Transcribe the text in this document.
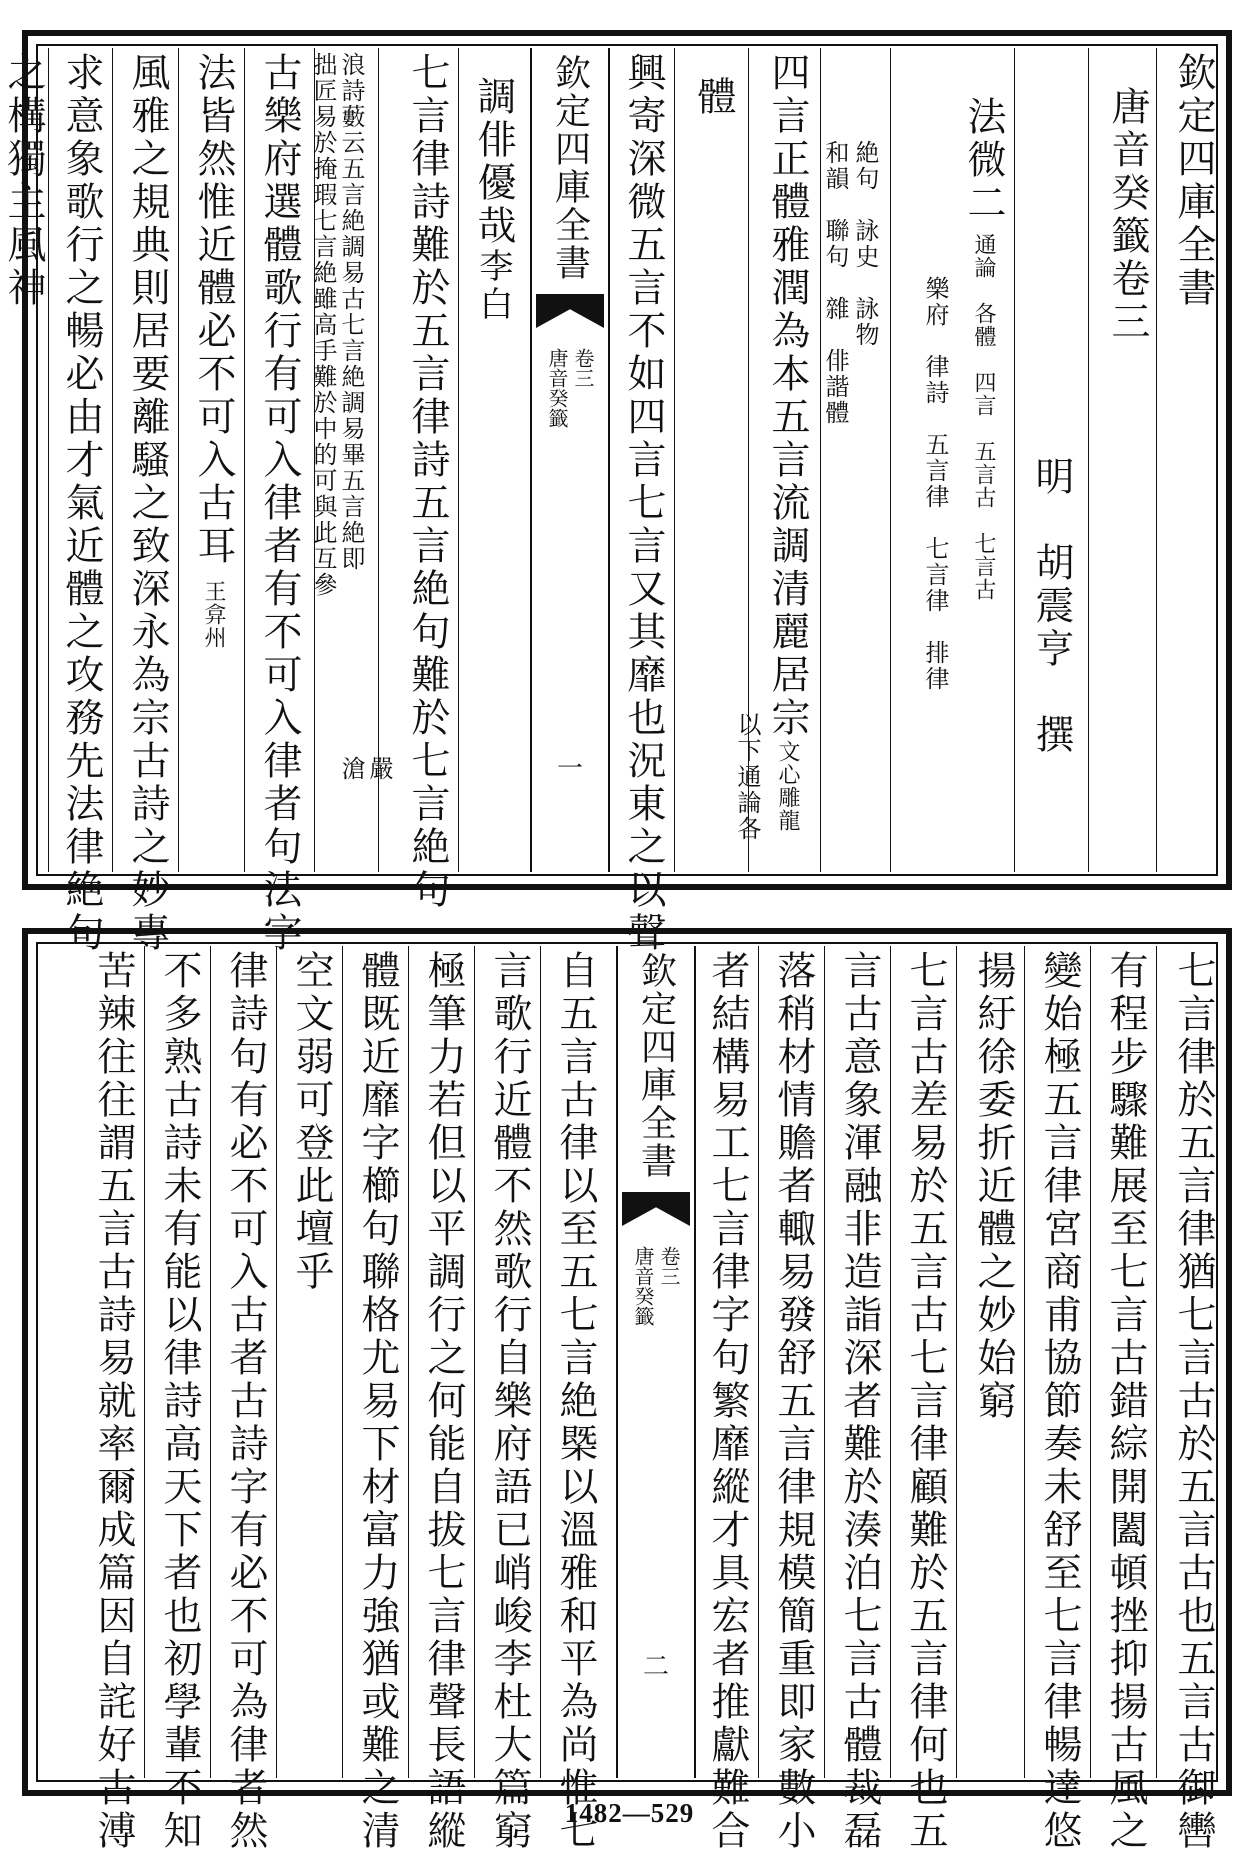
欽定四庫全書
唐音癸籤卷三
明　胡震亨　撰
法微二
通論　各體　四言　五言古　七言古
樂府　律詩　五言律　七言律　排律
絶句　詠史　詠物
和韻　聯句　雜　俳諧體
四言正體雅潤為本五言流調清麗居宗文心雕龍
以下通論各
體
興寄深微五言不如四言七言又其靡也況東之以聲
欽定四庫全書
唐音癸籤 卷三
一
調俳優哉李白
七言律詩難於五言律詩五言絶句難於七言絶句
嚴
滄
浪詩藪云五言絶調易古七言絶調易畢五言絶即
拙匠易於掩瑕七言絶雖高手難於中的可與此互參
古樂府選體歌行有可入律者有不可入律者句法字
法皆然惟近體必不可入古耳王弇州
風雅之規典則居要離騷之致深永為宗古詩之妙專
求意象歌行之暢必由才氣近體之攻務先法律絶句
之構獨主風神
七言律於五言律猶七言古於五言古也五言古御轡
有程步驟難展至七言古錯綜開闔頓挫抑揚古風之
變始極五言律宮商甫協節奏未舒至七言律暢達悠
揚紆徐委折近體之妙始窮
七言古差易於五言古七言律顧難於五言律何也五
言古意象渾融非造詣深者難於湊泊七言古體裁磊
落稍材情贍者輙易發舒五言律規模簡重即家數小
者結構易工七言律字句繁靡縱才具宏者推獻難合
欽定四庫全書
唐音癸籤 卷三
二
自五言古律以至五七言絶槩以溫雅和平為尚惟七
言歌行近體不然歌行自樂府語已峭峻李杜大篇窮
極筆力若但以平調行之何能自拔七言律聲長語縱
體既近靡字櫛句聯格尤易下材富力強猶或難之清
空文弱可登此壇乎
律詩句有必不可入古者古詩字有必不可為律者然
不多熟古詩未有能以律詩高天下者也初學輩不知
苦辣往往謂五言古詩易就率爾成篇因自詫好古溥	1482—529
